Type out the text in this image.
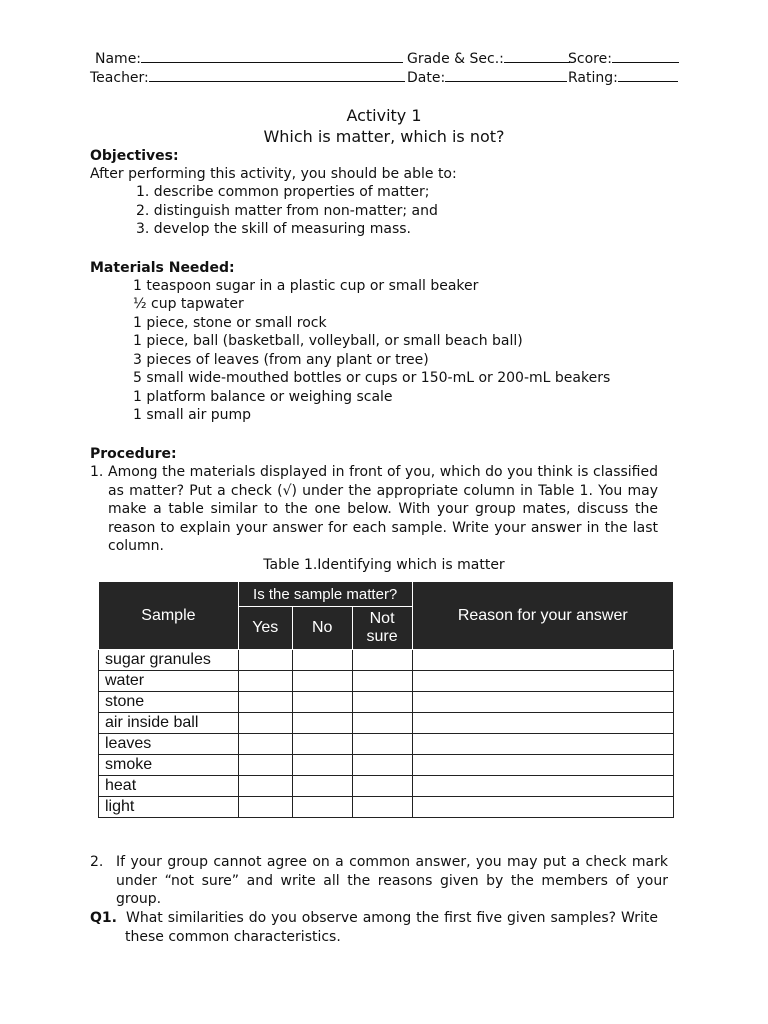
Name:	Grade & Sec.:	Score:
Teacher:	Date:	Rating:
Activity 1
Which is matter, which is not?
Objectives:
After performing this activity, you should be able to:
1. describe common properties of matter;
2. distinguish matter from non-matter; and
3. develop the skill of measuring mass.
Materials Needed:
1 teaspoon sugar in a plastic cup or small beaker
½ cup tapwater
1 piece, stone or small rock
1 piece, ball (basketball, volleyball, or small beach ball)
3 pieces of leaves (from any plant or tree)
5 small wide-mouthed bottles or cups or 150-mL or 200-mL beakers
1 platform balance or weighing scale
1 small air pump
Procedure:
1. Among the materials displayed in front of you, which do you think is classified as matter? Put a check (√) under the appropriate column in Table 1. You may make a table similar to the one below. With your group mates, discuss the reason to explain your answer for each sample. Write your answer in the last column.
Table 1.Identifying which is matter
Sample	Is the sample matter?			Reason for your answer
	Yes	No	Not sure	
sugar granules				
water				
stone				
air inside ball				
leaves				
smoke				
heat				
light				
2. If your group cannot agree on a common answer, you may put a check mark under “not sure” and write all the reasons given by the members of your group.
Q1. What similarities do you observe among the first five given samples? Write these common characteristics.
